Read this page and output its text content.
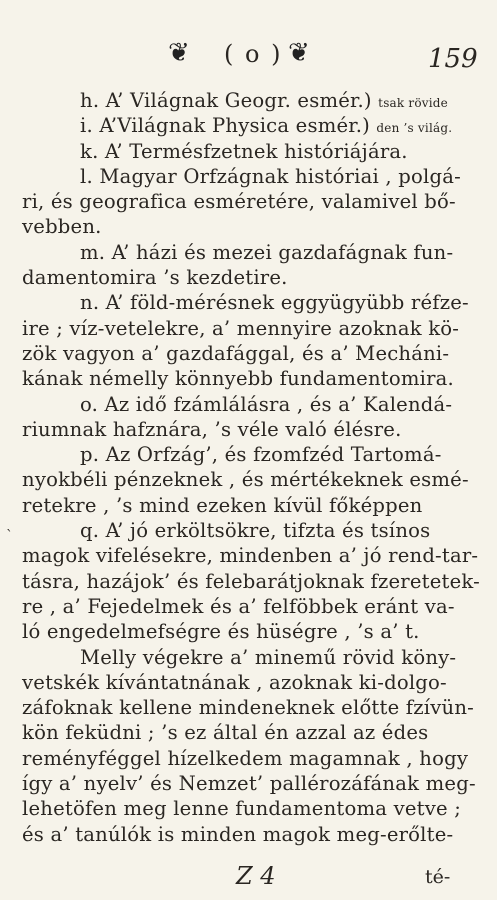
❦ ( o ) ❦	159
h. A’ Világnak Geogr. esmér.) tsak rövide
i. A’Világnak Physica esmér.) den ’s világ.
k. A’ Termésfzetnek históriájára.
l. Magyar Orfzágnak históriai , polgá-
ri, és geografica esméretére, valamivel bő-
vebben.
m. A’ házi és mezei gazdafágnak fun-
damentomira ’s kezdetire.
n. A’ föld-mérésnek eggyügyübb réfze-
ire ; víz-vetelekre, a’ mennyire azoknak kö-
zök vagyon a’ gazdafággal, és a’ Mecháni-
kának némelly könnyebb fundamentomira.
o. Az idő fzámlálásra , és a’ Kalendá-
riumnak hafznára, ’s véle való élésre.
p. Az Orfzág’, és fzomfzéd Tartomá-
nyokbéli pénzeknek , és mértékeknek esmé-
retekre , ’s mind ezeken kívül főképpen
q. A’ jó erköltsökre, tifzta és tsínos
magok vifelésekre, mindenben a’ jó rend-tar-
tásra, hazájok’ és felebarátjoknak fzeretetek-
re , a’ Fejedelmek és a’ felföbbek eránt va-
ló engedelmefségre és hüségre , ’s a’ t.
Melly végekre a’ minemű rövid köny-
vetskék kívántatnának , azoknak ki-dolgo-
záfoknak kellene mindeneknek előtte fzívün-
kön feküdni ; ’s ez által én azzal az édes
reményféggel hízelkedem magamnak , hogy
így a’ nyelv’ és Nemzet’ pallérozáfának meg-
lehetöfen meg lenne fundamentoma vetve ;
és a’ tanúlók is minden magok meg-erőlte-
ˋ
Z 4	té-
